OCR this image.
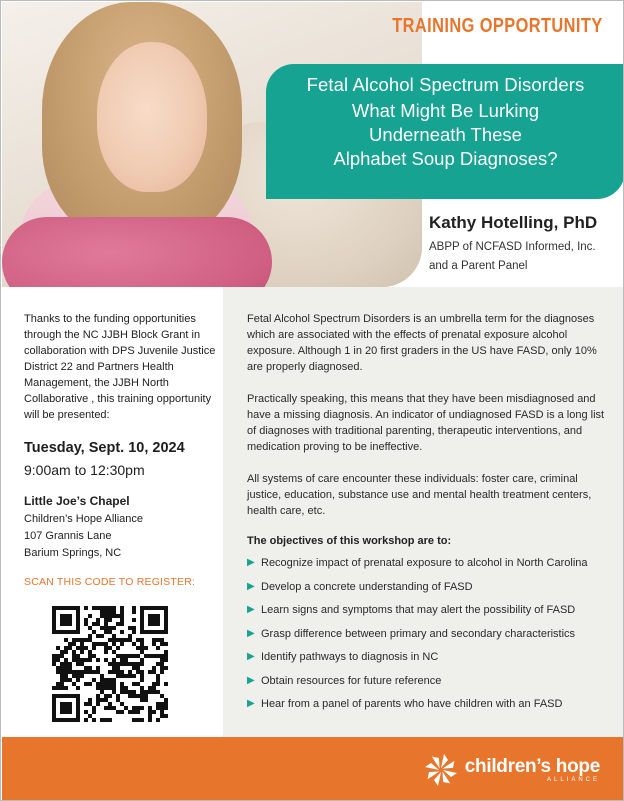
TRAINING OPPORTUNITY
Fetal Alcohol Spectrum Disorders
What Might Be Lurking
Underneath These
Alphabet Soup Diagnoses?
Kathy Hotelling, PhD
ABPP of NCFASD Informed, Inc.
and a Parent Panel
Thanks to the funding opportunities through the NC JJBH Block Grant in collaboration with DPS Juvenile Justice District 22 and Partners Health Management, the JJBH North Collaborative , this training opportunity will be presented:
Tuesday, Sept. 10, 2024
9:00am to 12:30pm
Little Joe’s Chapel
Children’s Hope Alliance
107 Grannis Lane
Barium Springs, NC
SCAN THIS CODE TO REGISTER:

Fetal Alcohol Spectrum Disorders is an umbrella term for the diagnoses which are associated with the effects of prenatal exposure alcohol exposure. Although 1 in 20 first graders in the US have FASD, only 10% are properly diagnosed.

Practically speaking, this means that they have been misdiagnosed and have a missing diagnosis. An indicator of undiagnosed FASD is a long list of diagnoses with traditional parenting, therapeutic interventions, and medication proving to be ineffective.

All systems of care encounter these individuals: foster care, criminal justice, education, substance use and mental health treatment centers, health care, etc.

The objectives of this workshop are to:
▶ Recognize impact of prenatal exposure to alcohol in North Carolina
▶ Develop a concrete understanding of FASD
▶ Learn signs and symptoms that may alert the possibility of FASD
▶ Grasp difference between primary and secondary characteristics
▶ Identify pathways to diagnosis in NC
▶ Obtain resources for future reference
▶ Hear from a panel of parents who have children with an FASD
children’s hope
ALLIANCE
